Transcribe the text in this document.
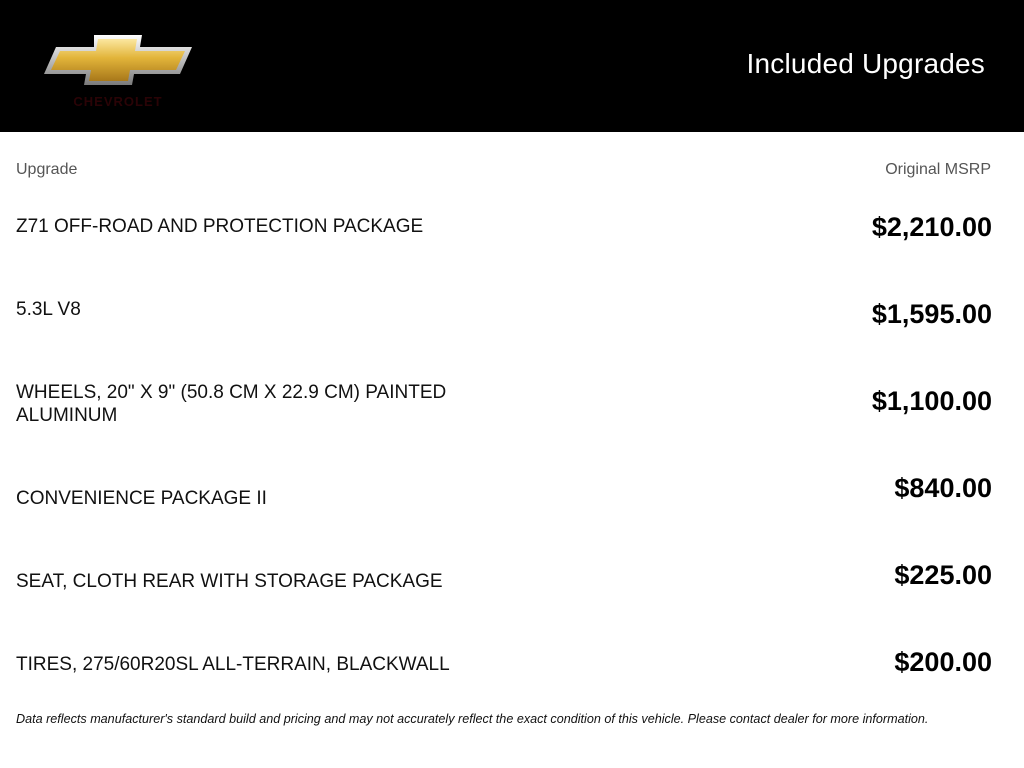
CHEVROLET
Included Upgrades
Upgrade	Original MSRP
Z71 OFF-ROAD AND PROTECTION PACKAGE	$2,210.00
5.3L V8	$1,595.00
WHEELS, 20" X 9" (50.8 CM X 22.9 CM) PAINTED ALUMINUM	$1,100.00
CONVENIENCE PACKAGE II	$840.00
SEAT, CLOTH REAR WITH STORAGE PACKAGE	$225.00
TIRES, 275/60R20SL ALL-TERRAIN, BLACKWALL	$200.00
Data reflects manufacturer's standard build and pricing and may not accurately reflect the exact condition of this vehicle. Please contact dealer for more information.
